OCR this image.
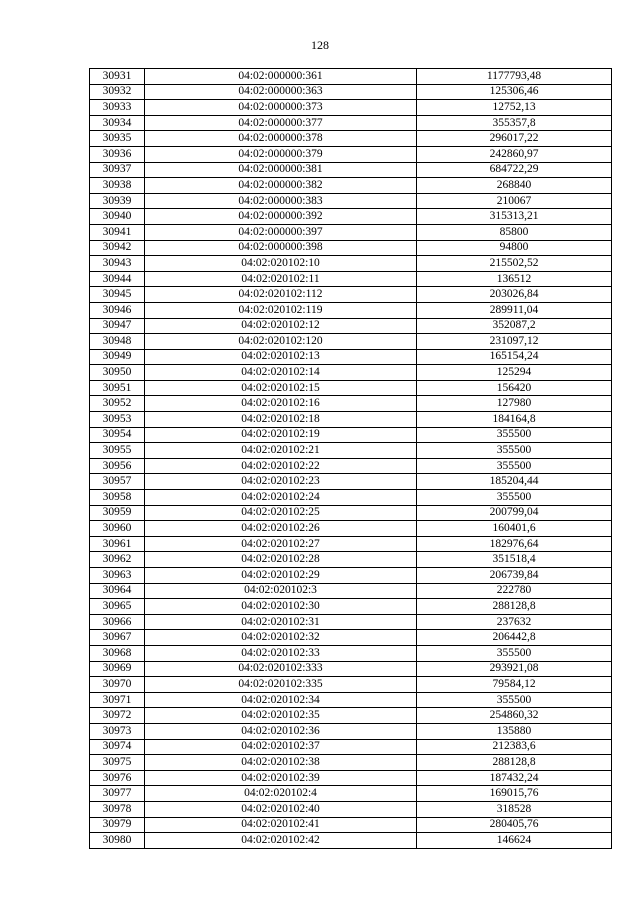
128
30931	04:02:000000:361	1177793,48
30932	04:02:000000:363	125306,46
30933	04:02:000000:373	12752,13
30934	04:02:000000:377	355357,8
30935	04:02:000000:378	296017,22
30936	04:02:000000:379	242860,97
30937	04:02:000000:381	684722,29
30938	04:02:000000:382	268840
30939	04:02:000000:383	210067
30940	04:02:000000:392	315313,21
30941	04:02:000000:397	85800
30942	04:02:000000:398	94800
30943	04:02:020102:10	215502,52
30944	04:02:020102:11	136512
30945	04:02:020102:112	203026,84
30946	04:02:020102:119	289911,04
30947	04:02:020102:12	352087,2
30948	04:02:020102:120	231097,12
30949	04:02:020102:13	165154,24
30950	04:02:020102:14	125294
30951	04:02:020102:15	156420
30952	04:02:020102:16	127980
30953	04:02:020102:18	184164,8
30954	04:02:020102:19	355500
30955	04:02:020102:21	355500
30956	04:02:020102:22	355500
30957	04:02:020102:23	185204,44
30958	04:02:020102:24	355500
30959	04:02:020102:25	200799,04
30960	04:02:020102:26	160401,6
30961	04:02:020102:27	182976,64
30962	04:02:020102:28	351518,4
30963	04:02:020102:29	206739,84
30964	04:02:020102:3	222780
30965	04:02:020102:30	288128,8
30966	04:02:020102:31	237632
30967	04:02:020102:32	206442,8
30968	04:02:020102:33	355500
30969	04:02:020102:333	293921,08
30970	04:02:020102:335	79584,12
30971	04:02:020102:34	355500
30972	04:02:020102:35	254860,32
30973	04:02:020102:36	135880
30974	04:02:020102:37	212383,6
30975	04:02:020102:38	288128,8
30976	04:02:020102:39	187432,24
30977	04:02:020102:4	169015,76
30978	04:02:020102:40	318528
30979	04:02:020102:41	280405,76
30980	04:02:020102:42	146624
